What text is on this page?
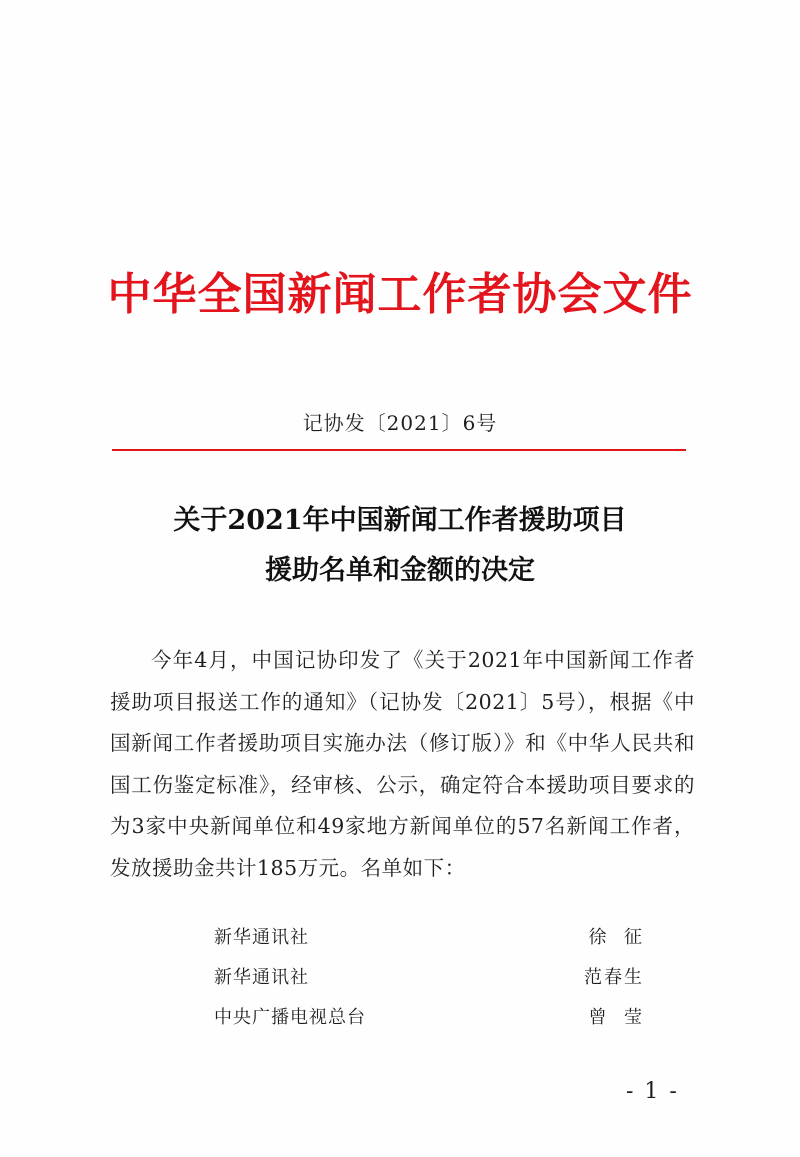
中华全国新闻工作者协会文件
记协发〔2021〕6号
关于2021年中国新闻工作者援助项目
援助名单和金额的决定

今年4月，中国记协印发了《关于2021年中国新闻工作者援助项目报送工作的通知》（记协发〔2021〕5号），根据《中国新闻工作者援助项目实施办法（修订版）》和《中华人民共和国工伤鉴定标准》，经审核、公示，确定符合本援助项目要求的为3家中央新闻单位和49家地方新闻单位的57名新闻工作者，发放援助金共计185万元。名单如下：

新华通讯社	徐  征
新华通讯社	范春生
中央广播电视总台	曾  莹
- 1 -
